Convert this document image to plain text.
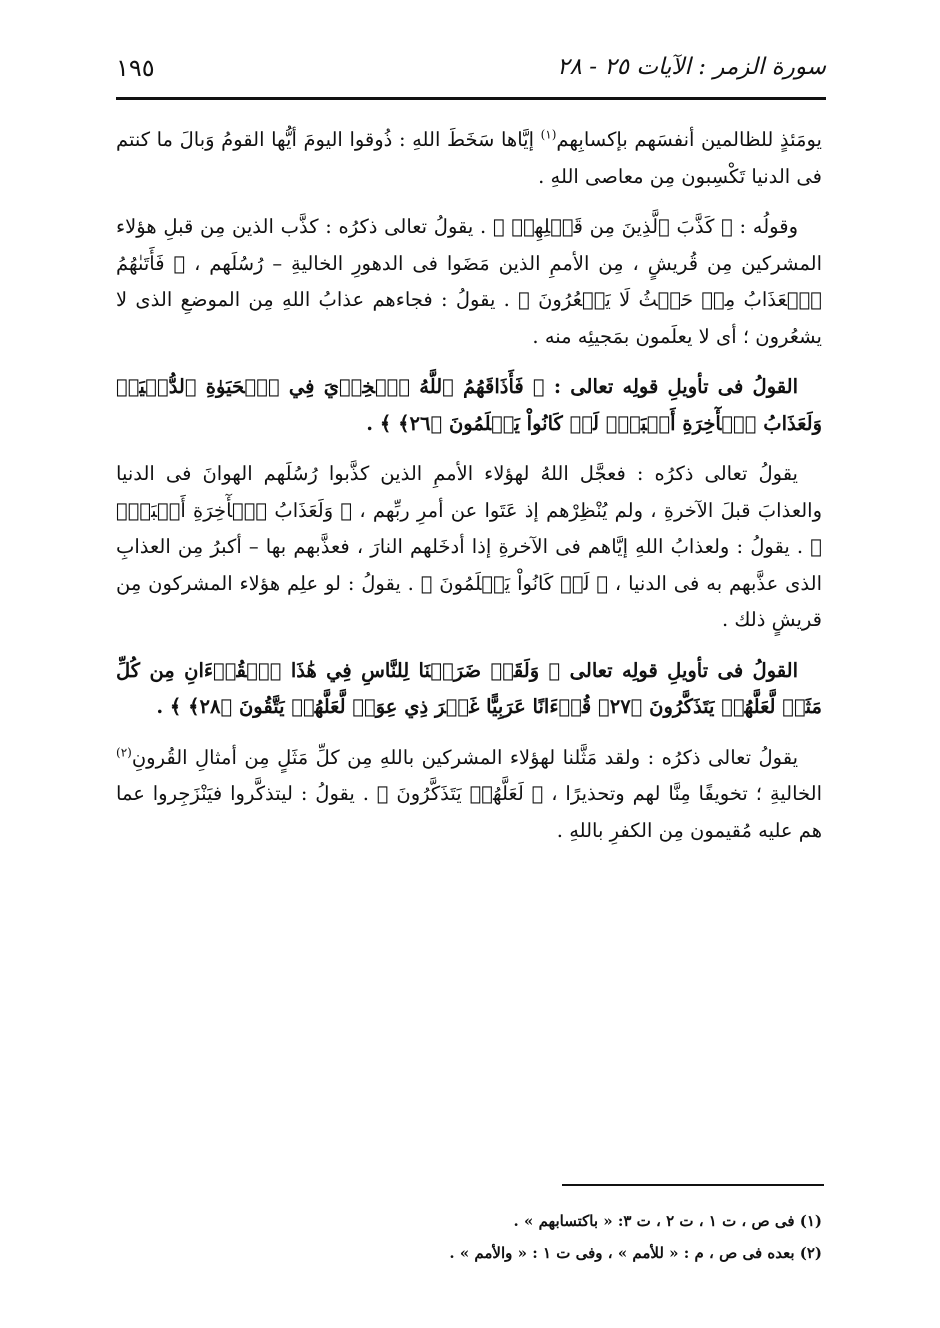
سورة الزمر : الآيات ٢٥ - ٢٨
١٩٥

يومَئذٍ للظالمين أنفسَهم بإكسابِهم$^{(١)}$ إيَّاها سَخَطَ اللهِ : ذُوقوا اليومَ أيُّها القومُ وَبالَ ما كنتم فى الدنيا تَكْسِبون مِن معاصى اللهِ .

وقولُه : ﴿ كَذَّبَ ٱلَّذِينَ مِن قَبۡلِهِمۡ ﴾ . يقولُ تعالى ذكرُه : كذَّب الذين مِن قبلِ هؤلاء المشركين مِن قُريشٍ ، مِن الأممِ الذين مَضَوا فى الدهورِ الخاليةِ – رُسُلَهم ، ﴿ فَأَتَىٰهُمُ ٱلۡعَذَابُ مِنۡ حَيۡثُ لَا يَشۡعُرُونَ ﴾ . يقولُ : فجاءهم عذابُ اللهِ مِن الموضعِ الذى لا يشعُرون ؛ أى لا يعلَمون بمَجيئِه منه .

القولُ فى تأويلِ قولِه تعالى : ﴿ فَأَذَاقَهُمُ ٱللَّهُ ٱلۡخِزۡيَ فِي ٱلۡحَيَوٰةِ ٱلدُّنۡيَاۖ وَلَعَذَابُ ٱلۡأٓخِرَةِ أَكۡبَرُۚ لَوۡ كَانُواْ يَعۡلَمُونَ ﴿٢٦﴾ ﴾ .

يقولُ تعالى ذكرُه : فعجَّل اللهُ لهؤلاء الأممِ الذين كذَّبوا رُسُلَهم الهوانَ فى الدنيا والعذابَ قبلَ الآخرةِ ، ولم يُنْظِرْهم إذ عَتَوا عن أمرِ ربِّهم ، ﴿ وَلَعَذَابُ ٱلۡأٓخِرَةِ أَكۡبَرُۚ ﴾ . يقولُ : ولعذابُ اللهِ إيَّاهم فى الآخرةِ إذا أدخَلهم النارَ ، فعذَّبهم بها – أكبرُ مِن العذابِ الذى عذَّبهم به فى الدنيا ، ﴿ لَوۡ كَانُواْ يَعۡلَمُونَ ﴾ . يقولُ : لو علِم هؤلاء المشركون مِن قريشٍ ذلك .

القولُ فى تأويلِ قولِه تعالى ﴿ وَلَقَدۡ ضَرَبۡنَا لِلنَّاسِ فِي هَٰذَا ٱلۡقُرۡءَانِ مِن كُلِّ مَثَلٖ لَّعَلَّهُمۡ يَتَذَكَّرُونَ ﴿٢٧﴾ قُرۡءَانًا عَرَبِيًّا غَيۡرَ ذِي عِوَجٖ لَّعَلَّهُمۡ يَتَّقُونَ ﴿٢٨﴾ ﴾ .

يقولُ تعالى ذكرُه : ولقد مَثَّلنا لهؤلاء المشركين باللهِ مِن كلِّ مَثَلٍ مِن أمثالِ القُرونِ$^{(٢)}$ الخاليةِ ؛ تخويفًا مِنَّا لهم وتحذيرًا ، ﴿ لَعَلَّهُمۡ يَتَذَكَّرُونَ ﴾ . يقولُ : ليتذكَّروا فيَنْزَجِروا عما هم عليه مُقيمون مِن الكفرِ باللهِ .

(١) فى ص ، ت ١ ، ت ٢ ، ت ٣: « باكتسابهم » .
(٢) بعده فى ص ، م : « للأمم » ، وفى ت ١ : « والأمم » .
